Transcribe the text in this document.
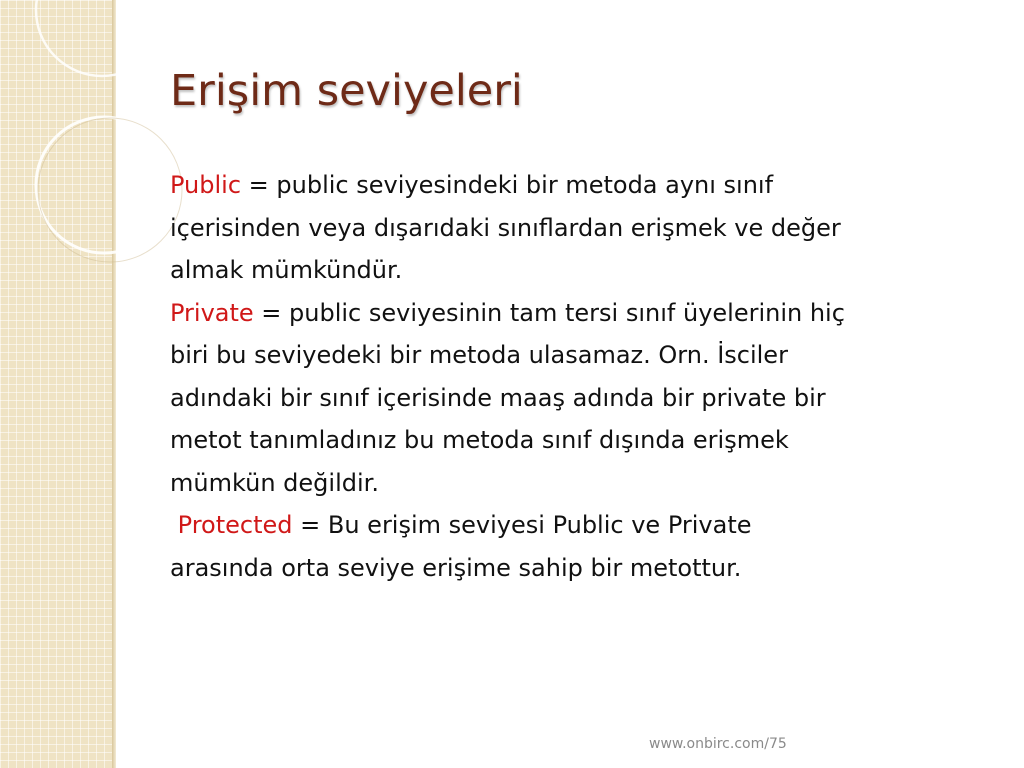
Erişim seviyeleri

Public = public seviyesindeki bir metoda aynı sınıf
içerisinden veya dışarıdaki sınıflardan erişmek ve değer
almak mümkündür.

Private = public seviyesinin tam tersi sınıf üyelerinin hiç
biri bu seviyedeki bir metoda ulasamaz. Orn. İsciler
adındaki bir sınıf içerisinde maaş adında bir private bir
metot tanımladınız bu metoda sınıf dışında erişmek
mümkün değildir.

Protected = Bu erişim seviyesi Public ve Private
arasında orta seviye erişime sahip bir metottur.

www.onbirc.com/75
